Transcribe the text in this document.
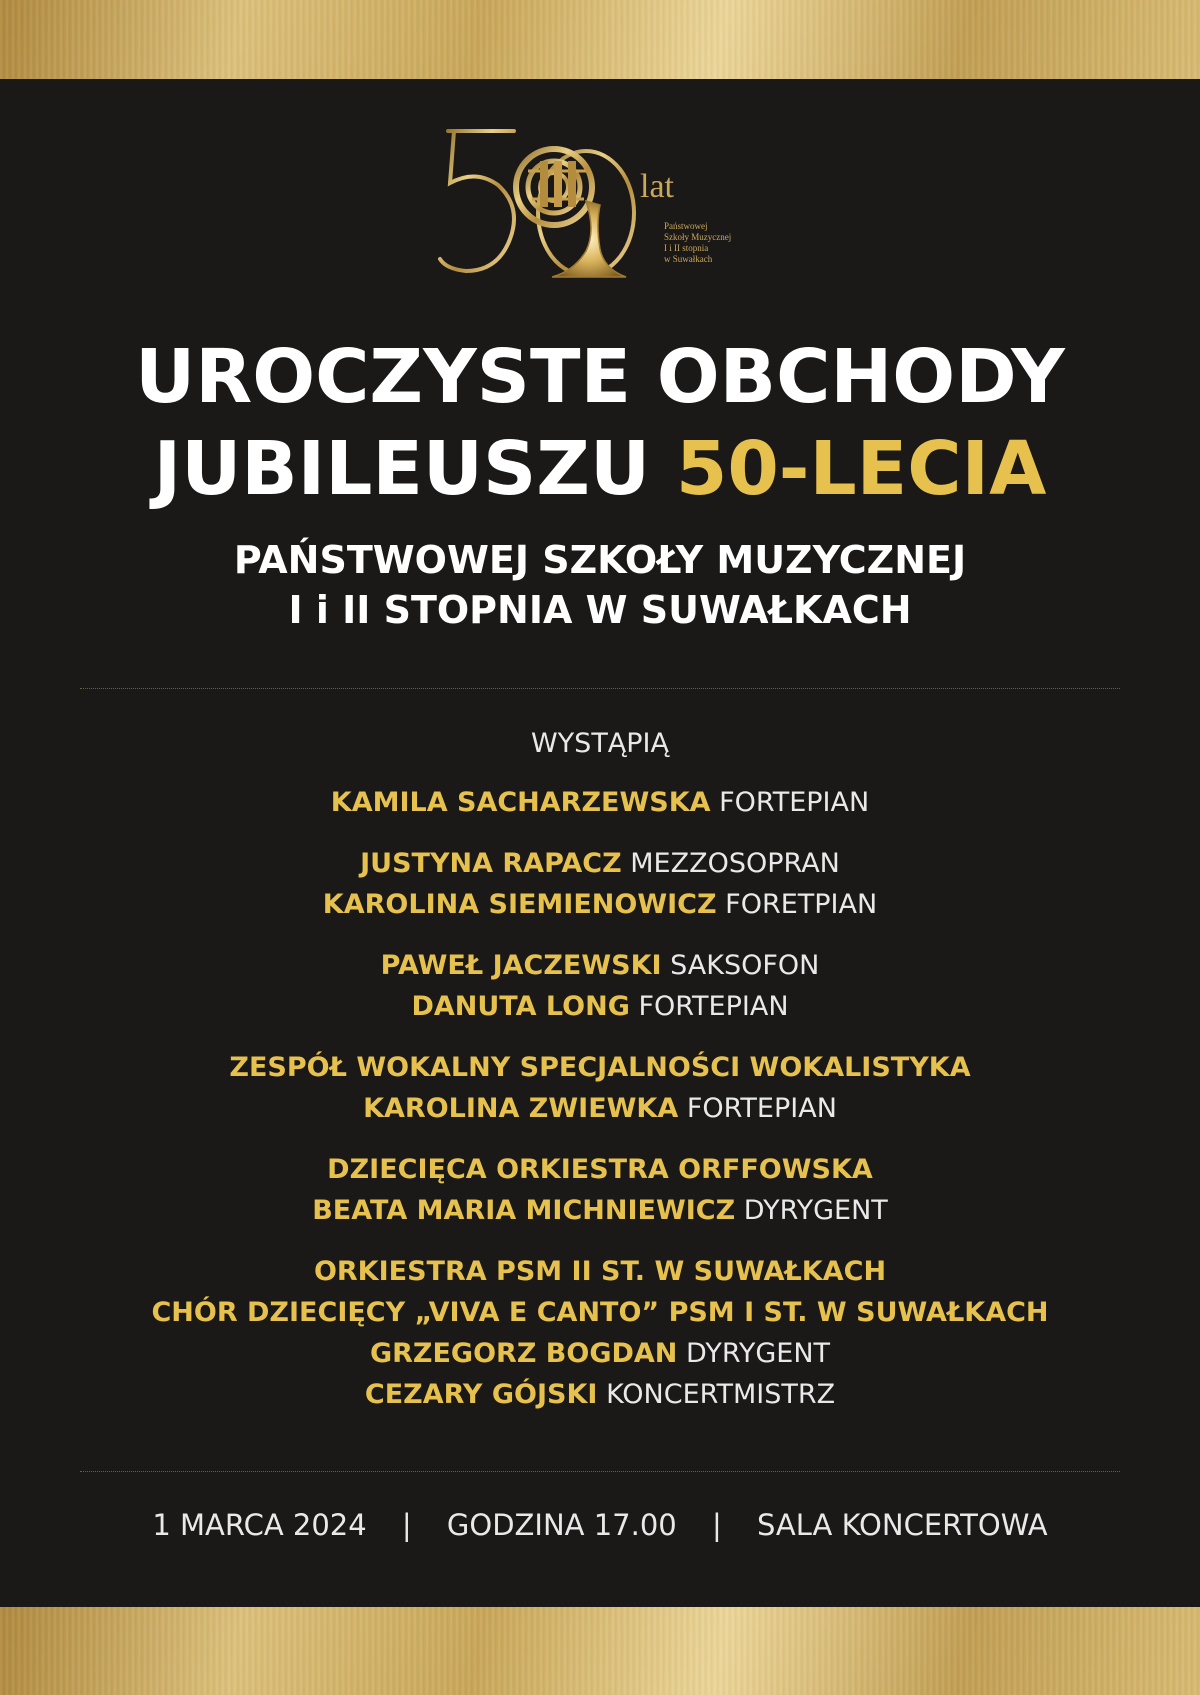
lat
Państwowej
Szkoły Muzycznej
I i II stopnia
w Suwałkach
UROCZYSTE OBCHODY
JUBILEUSZU 50-LECIA
PAŃSTWOWEJ SZKOŁY MUZYCZNEJ
I i II STOPNIA W SUWAŁKACH
WYSTĄPIĄ
KAMILA SACHARZEWSKA FORTEPIAN
JUSTYNA RAPACZ MEZZOSOPRAN
KAROLINA SIEMIENOWICZ FORETPIAN
PAWEŁ JACZEWSKI SAKSOFON
DANUTA LONG FORTEPIAN
ZESPÓŁ WOKALNY SPECJALNOŚCI WOKALISTYKA
KAROLINA ZWIEWKA FORTEPIAN
DZIECIĘCA ORKIESTRA ORFFOWSKA
BEATA MARIA MICHNIEWICZ DYRYGENT
ORKIESTRA PSM II ST. W SUWAŁKACH
CHÓR DZIECIĘCY „VIVA E CANTO” PSM I ST. W SUWAŁKACH
GRZEGORZ BOGDAN DYRYGENT
CEZARY GÓJSKI KONCERTMISTRZ
1 MARCA 2024 | GODZINA 17.00 | SALA KONCERTOWA
